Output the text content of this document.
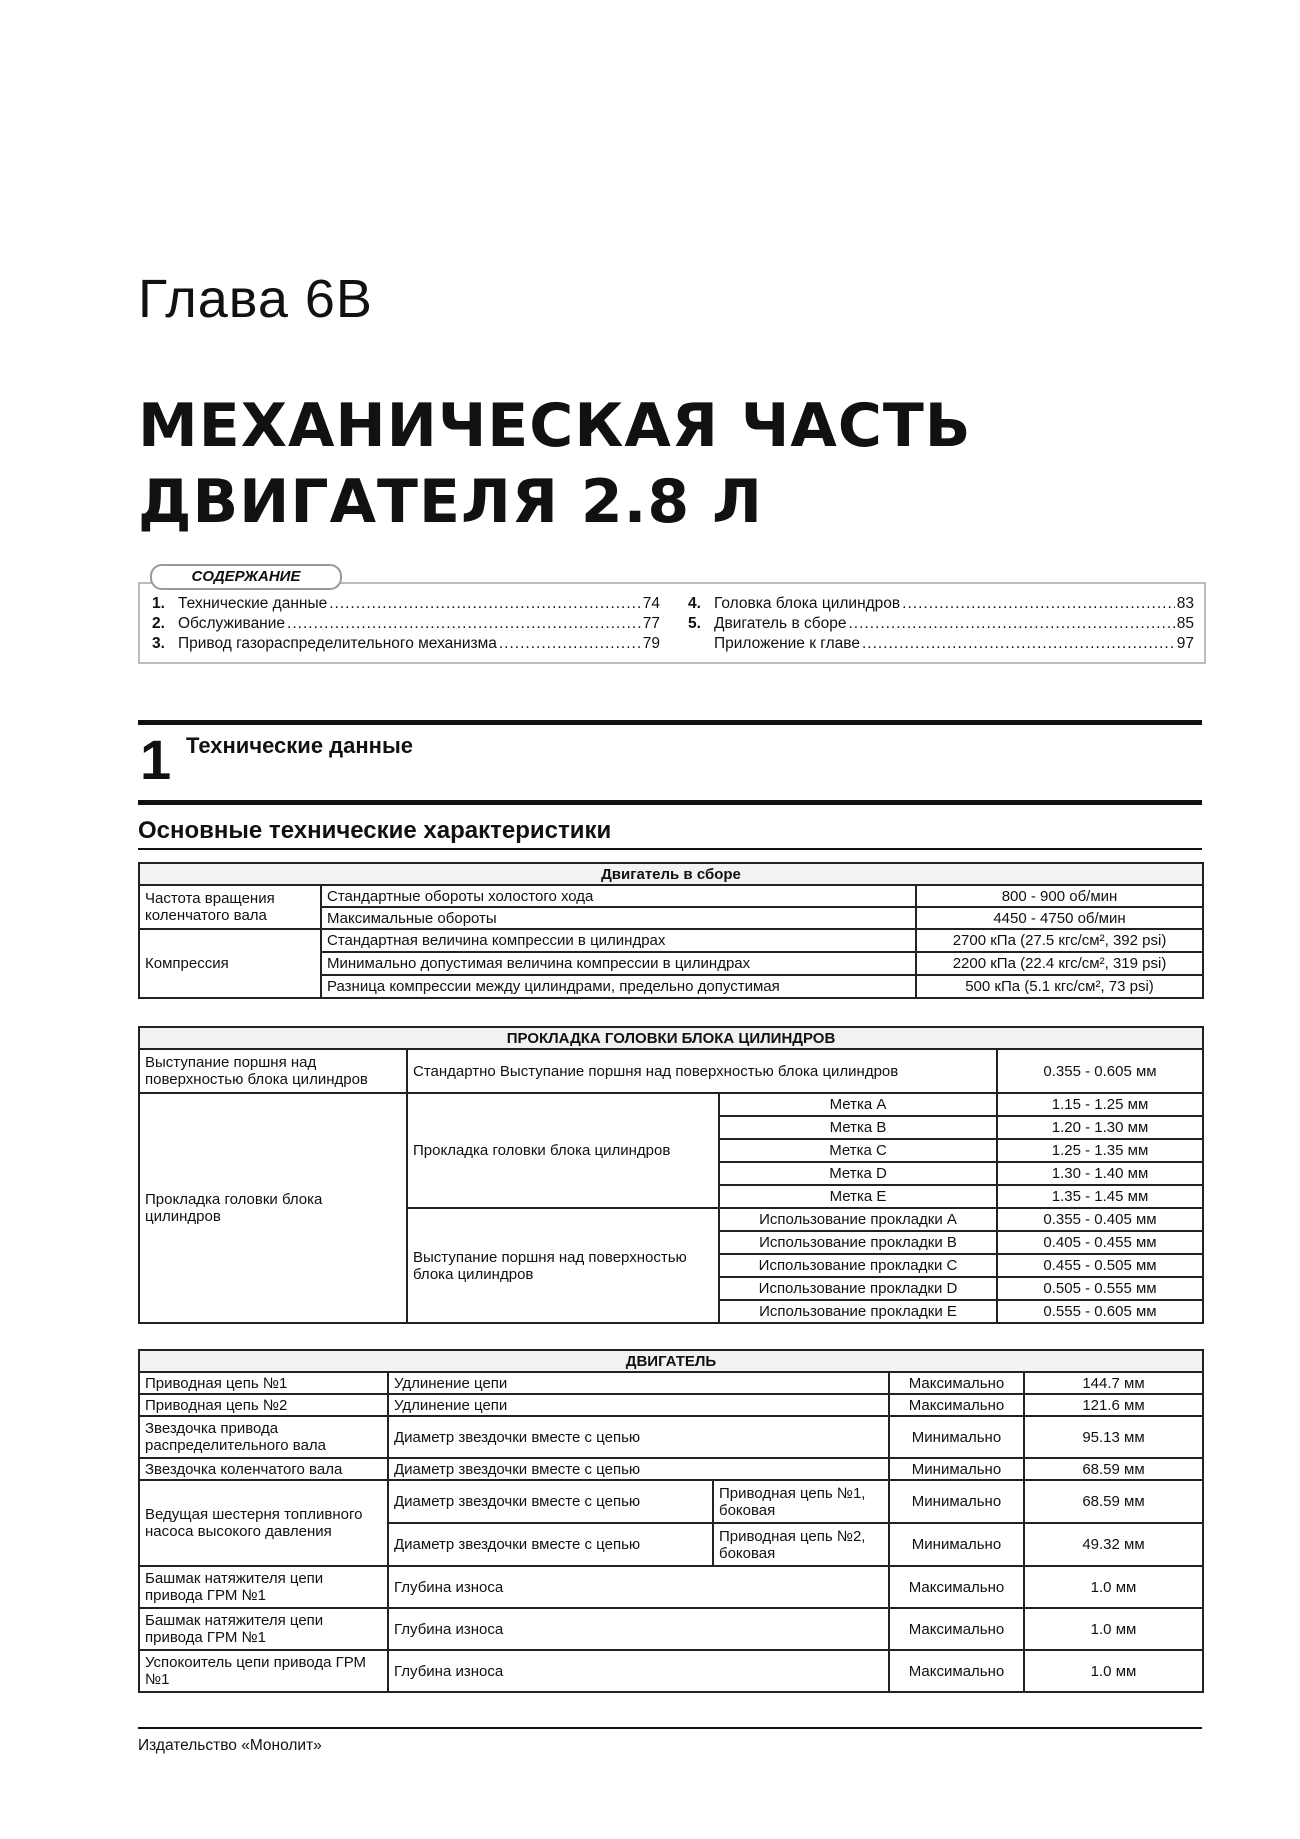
Глава 6В
МЕХАНИЧЕСКАЯ ЧАСТЬ
ДВИГАТЕЛЯ 2.8 Л
СОДЕРЖАНИЕ
1. Технические данные .....	74
2. Обслуживание .....	77
3. Привод газораспределительного механизма .....	79
4. Головка блока цилиндров .....	83
5. Двигатель в сборе .....	85
Приложение к главе .....	97
1 Технические данные
Основные технические характеристики
Двигатель в сборе		
Частота вращения коленчатого вала	Стандартные обороты холостого хода	800 - 900 об/мин
	Максимальные обороты	4450 - 4750 об/мин
Компрессия	Стандартная величина компрессии в цилиндрах	2700 кПа (27.5 кгс/см², 392 psi)
	Минимально допустимая величина компрессии в цилиндрах	2200 кПа (22.4 кгс/см², 319 psi)
	Разница компрессии между цилиндрами, предельно допустимая	500 кПа (5.1 кгс/см², 73 psi)
ПРОКЛАДКА ГОЛОВКИ БЛОКА ЦИЛИНДРОВ			
Выступание поршня над поверхностью блока цилиндров	Стандартно Выступание поршня над поверхностью блока цилиндров		0.355 - 0.605 мм
Прокладка головки блока цилиндров	Прокладка головки блока цилиндров	Метка А	1.15 - 1.25 мм
		Метка В	1.20 - 1.30 мм
		Метка С	1.25 - 1.35 мм
		Метка D	1.30 - 1.40 мм
		Метка E	1.35 - 1.45 мм
	Выступание поршня над поверхностью блока цилиндров	Использование прокладки A	0.355 - 0.405 мм
		Использование прокладки B	0.405 - 0.455 мм
		Использование прокладки C	0.455 - 0.505 мм
		Использование прокладки D	0.505 - 0.555 мм
		Использование прокладки E	0.555 - 0.605 мм
ДВИГАТЕЛЬ				
Приводная цепь №1	Удлинение цепи		Максимально	144.7 мм
Приводная цепь №2	Удлинение цепи		Максимально	121.6 мм
Звездочка привода распределительного вала	Диаметр звездочки вместе с цепью		Минимально	95.13 мм
Звездочка коленчатого вала	Диаметр звездочки вместе с цепью		Минимально	68.59 мм
Ведущая шестерня топливного насоса высокого давления	Диаметр звездочки вместе с цепью	Приводная цепь №1, боковая	Минимально	68.59 мм
	Диаметр звездочки вместе с цепью	Приводная цепь №2, боковая	Минимально	49.32 мм
Башмак натяжителя цепи привода ГРМ №1	Глубина износа		Максимально	1.0 мм
Башмак натяжителя цепи привода ГРМ №1	Глубина износа		Максимально	1.0 мм
Успокоитель цепи привода ГРМ №1	Глубина износа		Максимально	1.0 мм
Издательство «Монолит»
